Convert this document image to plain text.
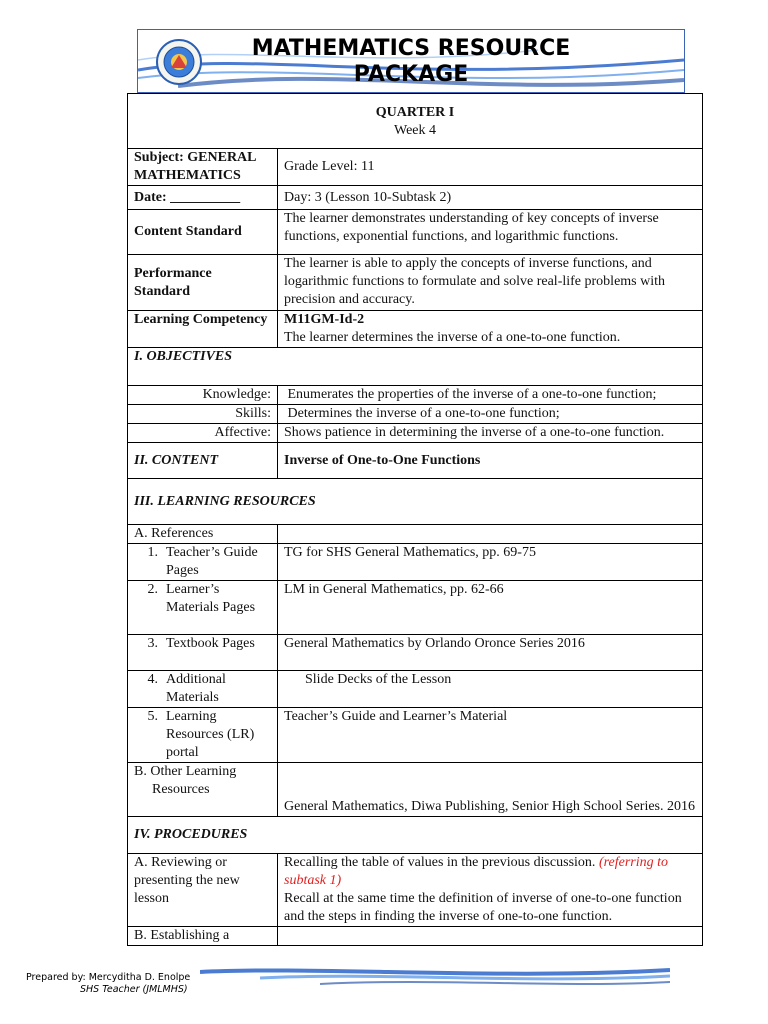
MATHEMATICS RESOURCE
PACKAGE
QUARTER I
Week 4	

Subject: GENERAL MATHEMATICS	Grade Level: 11
Date: __________	Day: 3 (Lesson 10-Subtask 2)
Content Standard	The learner demonstrates understanding of key concepts of inverse functions, exponential functions, and logarithmic functions.
Performance Standard	The learner is able to apply the concepts of inverse functions, and logarithmic functions to formulate and solve real-life problems with precision and accuracy.
Learning Competency	M11GM-Id-2
The learner determines the inverse of a one-to-one function.

I. OBJECTIVES	
Knowledge:	Enumerates the properties of the inverse of a one-to-one function;
Skills:	Determines the inverse of a one-to-one function;
Affective:	Shows patience in determining the inverse of a one-to-one function.
II. CONTENT	Inverse of One-to-One Functions
III. LEARNING RESOURCES	
A. References	

1. Teacher’s Guide Pages	TG for SHS General Mathematics, pp. 69-75

2. Learner’s Materials Pages	LM in General Mathematics, pp. 62-66

3. Textbook Pages	General Mathematics by Orlando Oronce Series 2016

4. Additional Materials	Slide Decks of the Lesson

5. Learning Resources (LR) portal	Teacher’s Guide and Learner’s Material

B. Other Learning
Resources	General Mathematics, Diwa Publishing, Senior High School Series. 2016
IV. PROCEDURES	
A. Reviewing or presenting the new lesson	Recalling the table of values in the previous discussion. (referring to subtask 1)
Recall at the same time the definition of inverse of one-to-one function and the steps in finding the inverse of one-to-one function.

B. Establishing a	
Prepared by: Mercyditha D. Enolpe
SHS Teacher (JMLMHS)
